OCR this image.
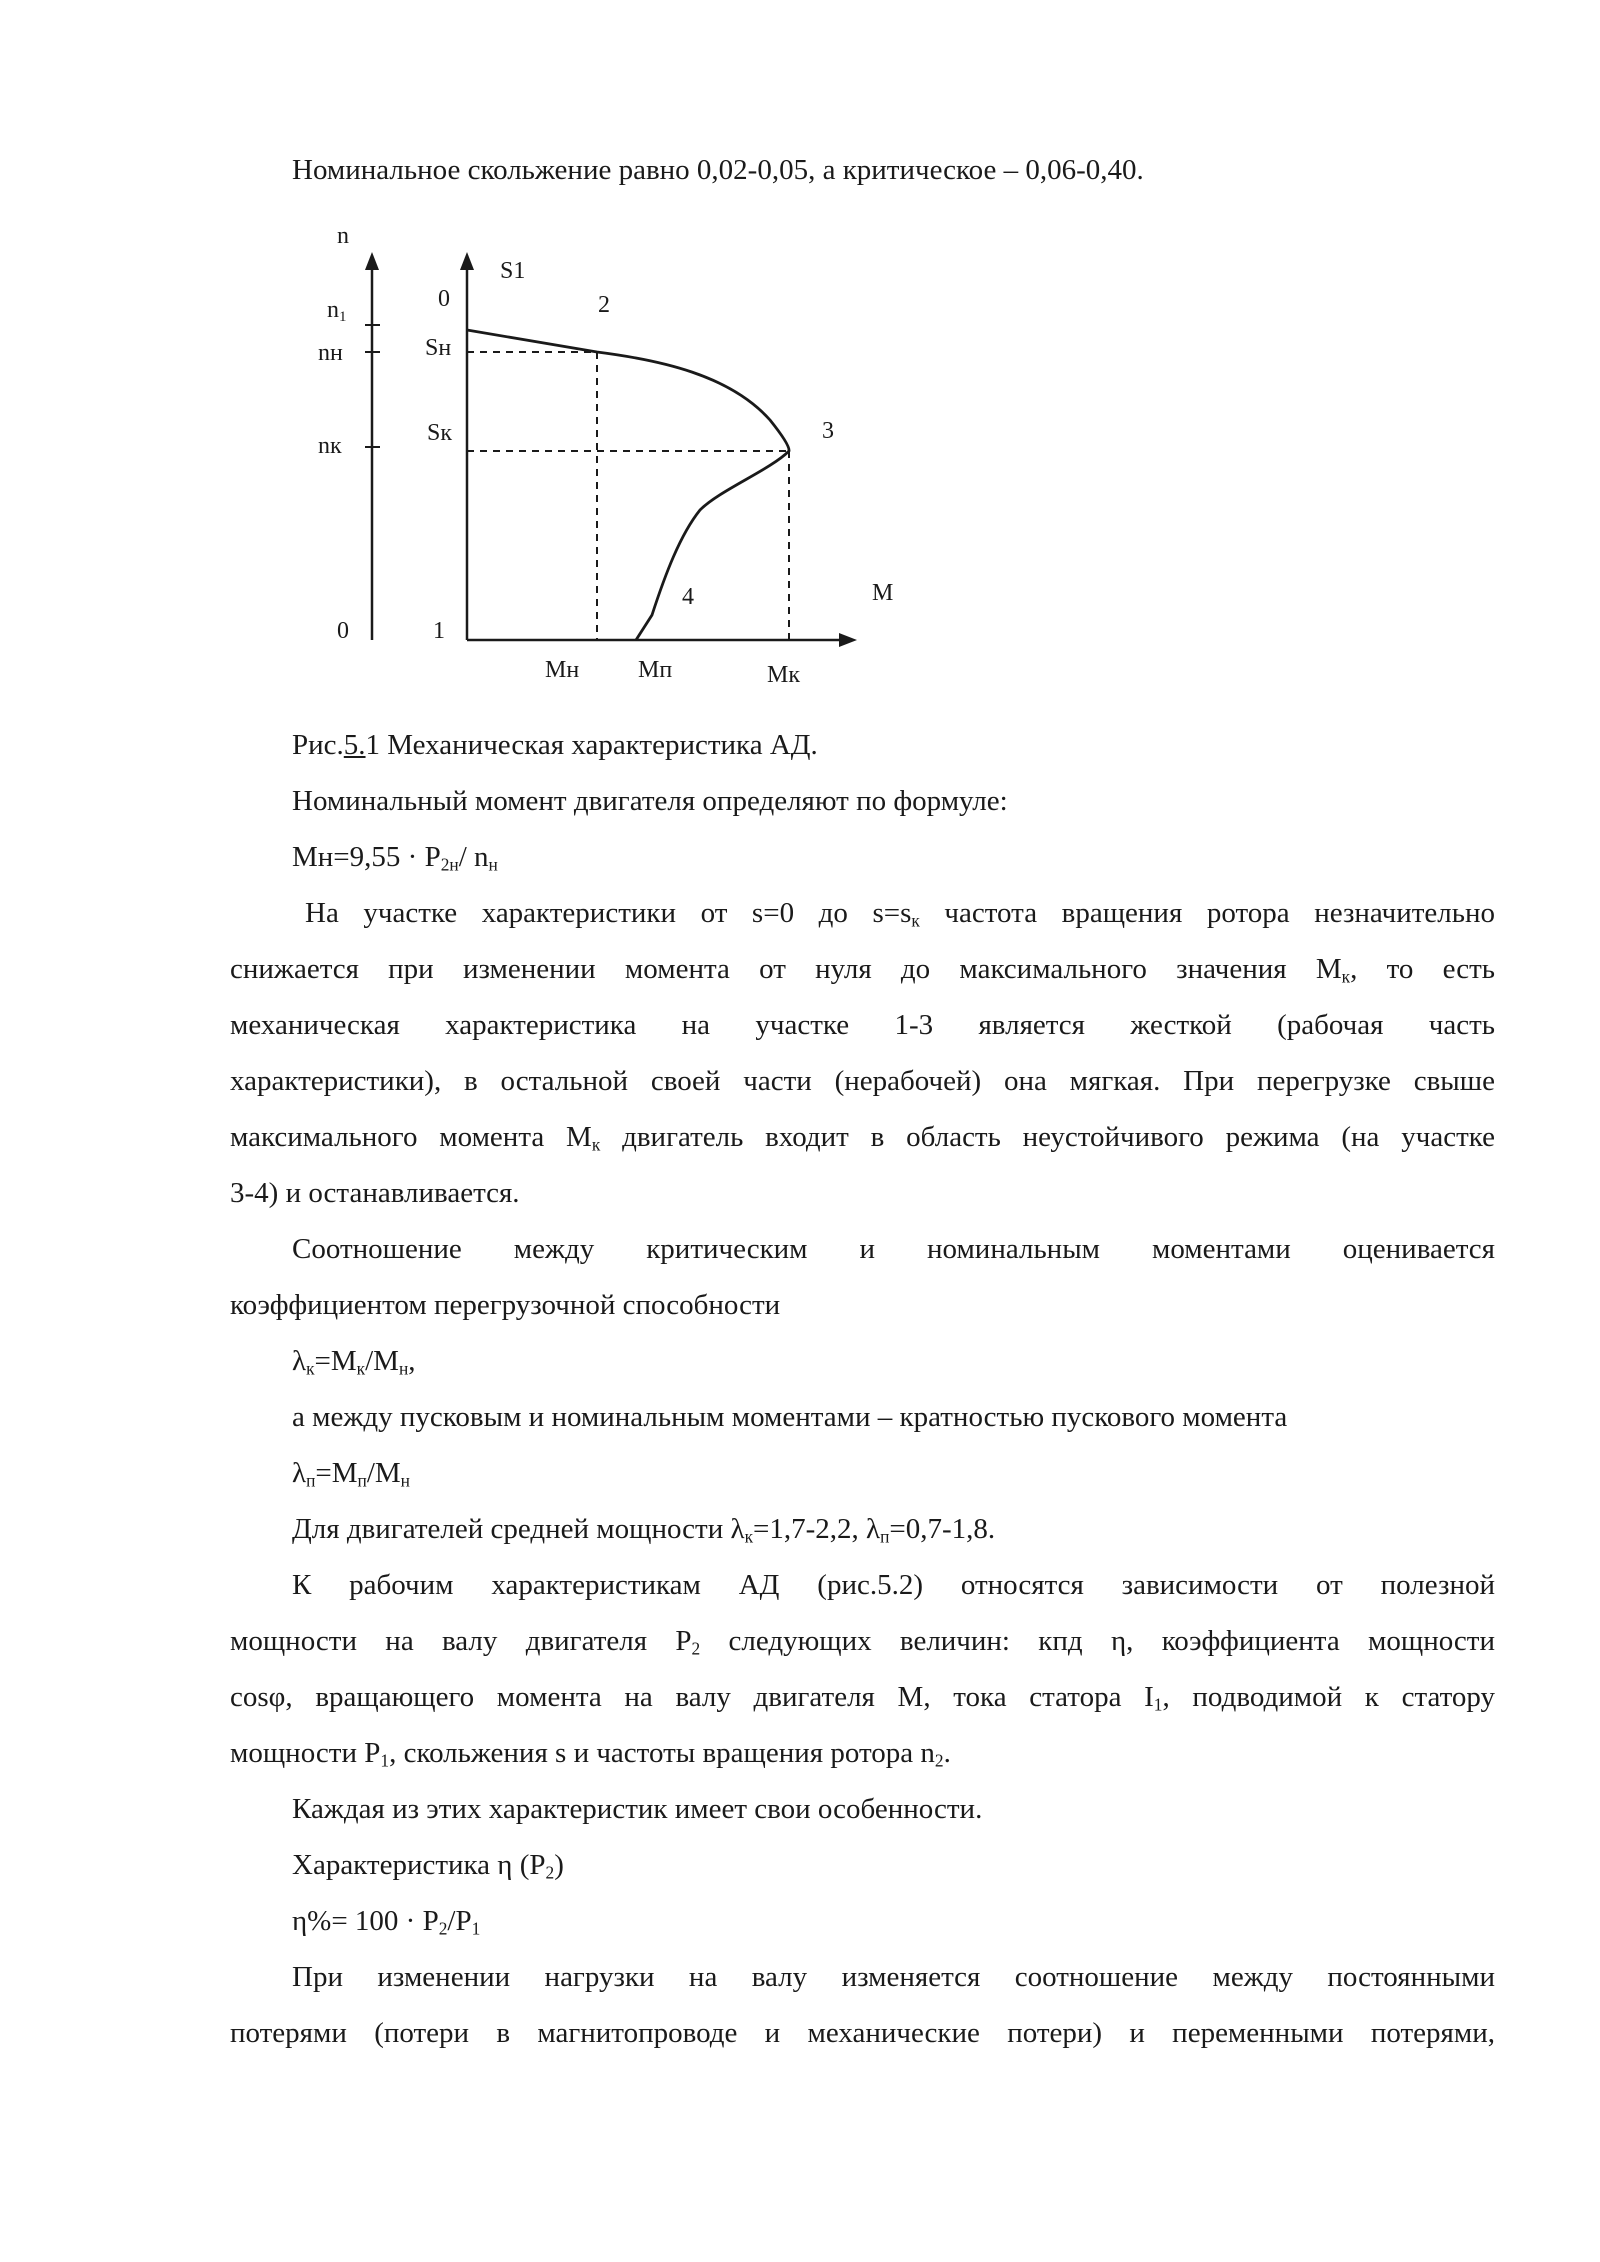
Номинальное скольжение равно 0,02-0,05, а критическое – 0,06-0,40.
n
n1
nн
nк
0
S1
0
Sн
Sк
1
2
3
4	M
Mн Mп	Mк
Рис.5.1 Механическая характеристика АД.
Номинальный момент двигателя определяют по формуле:
$Mн=9,55 \cdot P_{2н}/$ $n_н$
На участке характеристики от s=0 до $s=s_к$ частота вращения ротора незначительно
снижается при изменении момента от нуля до максимального значения $M_к$, то есть
механическая характеристика на участке 1-3 является жесткой (рабочая часть
характеристики), в остальной своей части (нерабочей) она мягкая. При перегрузке свыше
максимального момента $M_к$ двигатель входит в область неустойчивого режима (на участке
3-4) и останавливается.
Соотношение между критическим и номинальным моментами оценивается
коэффициентом перегрузочной способности
$\lambda_к=M_к/M_н$,
а между пусковым и номинальным моментами – кратностью пускового момента
$\lambda_п=M_п/M_н$
Для двигателей средней мощности $\lambda_к=1,7-2,2$, $\lambda_п=0,7-1,8$.
К рабочим характеристикам АД (рис.5.2) относятся зависимости от полезной
мощности на валу двигателя $P_2$ следующих величин: кпд η, коэффициента мощности
cosφ, вращающего момента на валу двигателя M, тока статора $I_1$, подводимой к статору
мощности $P_1$, скольжения s и частоты вращения ротора $n_2$.
Каждая из этих характеристик имеет свои особенности.
Характеристика η $(P_2)$
$\eta\%= 100 \cdot P_2/P_1$
При изменении нагрузки на валу изменяется соотношение между постоянными
потерями (потери в магнитопроводе и механические потери) и переменными потерями,
